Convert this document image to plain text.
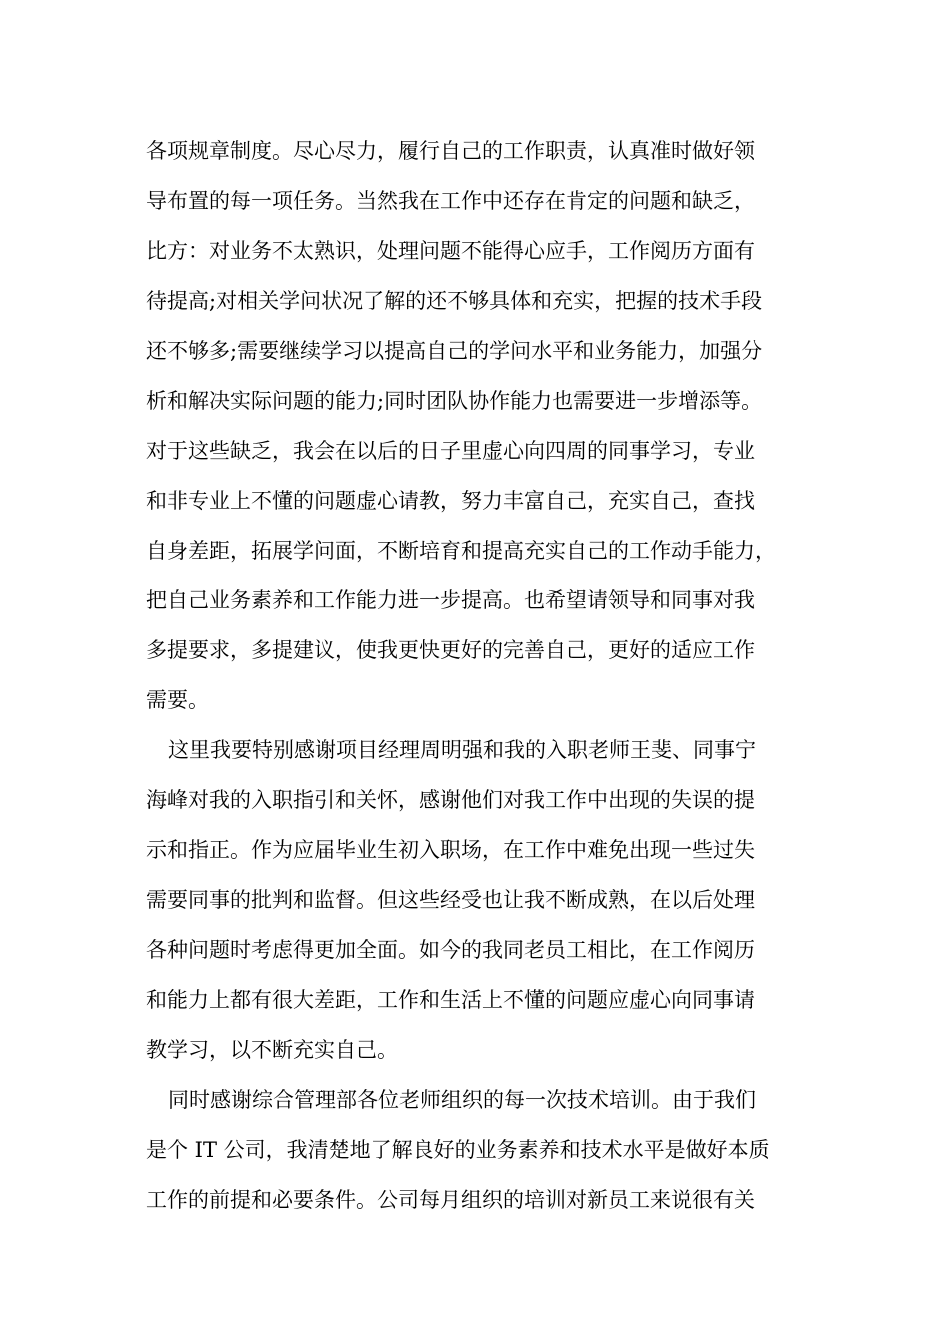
各项规章制度。尽心尽力，履行自己的工作职责，认真准时做好领
导布置的每一项任务。当然我在工作中还存在肯定的问题和缺乏，
比方：对业务不太熟识，处理问题不能得心应手，工作阅历方面有
待提高;对相关学问状况了解的还不够具体和充实，把握的技术手段
还不够多;需要继续学习以提高自己的学问水平和业务能力，加强分
析和解决实际问题的能力;同时团队协作能力也需要进一步增添等。
对于这些缺乏，我会在以后的日子里虚心向四周的同事学习，专业
和非专业上不懂的问题虚心请教，努力丰富自己，充实自己，查找
自身差距，拓展学问面，不断培育和提高充实自己的工作动手能力，
把自己业务素养和工作能力进一步提高。也希望请领导和同事对我
多提要求，多提建议，使我更快更好的完善自己，更好的适应工作
需要。
这里我要特别感谢项目经理周明强和我的入职老师王斐、同事宁
海峰对我的入职指引和关怀，感谢他们对我工作中出现的失误的提
示和指正。作为应届毕业生初入职场，在工作中难免出现一些过失
需要同事的批判和监督。但这些经受也让我不断成熟，在以后处理
各种问题时考虑得更加全面。如今的我同老员工相比，在工作阅历
和能力上都有很大差距，工作和生活上不懂的问题应虚心向同事请
教学习，以不断充实自己。
同时感谢综合管理部各位老师组织的每一次技术培训。由于我们
是个 IT 公司，我清楚地了解良好的业务素养和技术水平是做好本质
工作的前提和必要条件。公司每月组织的培训对新员工来说很有关
